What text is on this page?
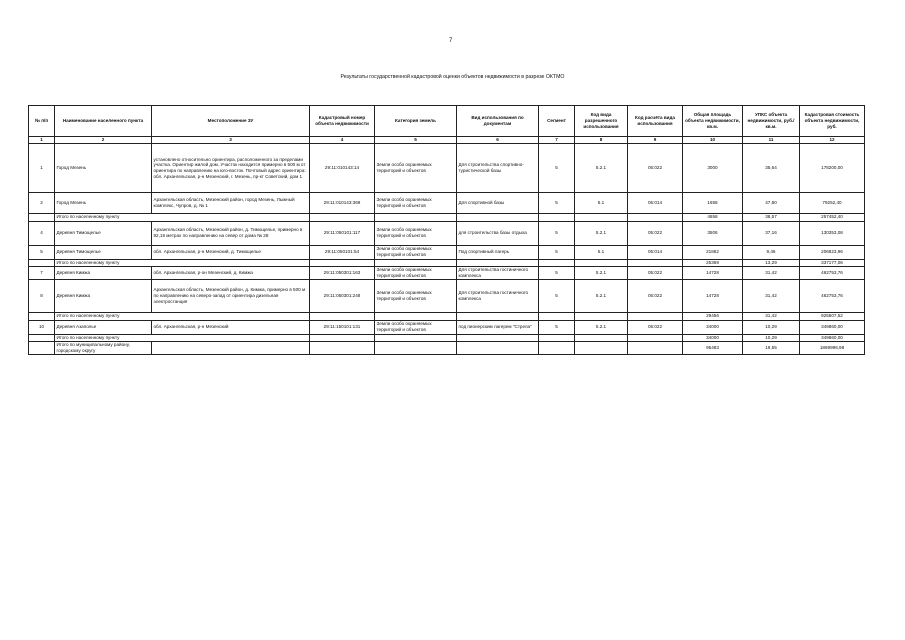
7
Результаты государственной кадастровой оценки объектов недвижимости в разрезе ОКТМО
№ п/п	Наименование населенного пункта	Местоположение ЗУ	Кадастровый номер объекта недвижимости	Категория земель	Вид использования по документам	Сегмент	Код вида разрешенного использования	Код расчёта вида использования	Общая площадь объекта недвижимости, кв.м.	УПКС объекта недвижимости, руб./кв.м.	Кадастровая стоимость объекта недвижимости, руб.
1	2	3	4	5	6	7	8	9	10	11	12
1	Город Мезень	установлено относительно ориентира, расположенного за пределами участка. Ориентир жилой дом. Участок находится примерно в 500 м от ориентира по направлению на юго-восток. Почтовый адрес ориентира: обл. Архангельская, р-н Мезенский, г. Мезень, пр-кт Советский, дом 1	29:11:010143:14	Земли особо охраняемых территорий и объектов	Для строительства спортивно-туристической базы	5	5.2.1	05:022	3000	35,64	178200,00
2	Город Мезень	Архангельская область, Мезенский район, город Мезень, Лыжный комплекс, Чупров, д. № 1	29:11:010143:369	Земли особо охраняемых территорий и объектов	Для спортивной базы	5	5.1	05:014	1658	47,80	79252,40
	Итого по населенному пункту								4658	38,57	257452,40
4	Деревня Тимощелье	Архангельская область, Мезенский район, д. Тимощелье, примерно в 92,15 метрах по направлению на север от дома № 28	29:11:050101:117	Земли особо охраняемых территорий и объектов	для строительства базы отдыха	5	5.2.1	05:022	3506	37,16	130353,08
5	Деревня Тимощелье	обл. Архангельская, р-н Мезенский, д. Тимощелье	29:11:050101:54	Земли особо охраняемых территорий и объектов	Под спортивный лагерь	5	5.1	05:014	21862	9,46	206823,96
	Итого по населенному пункту								25369	13,29	337177,06
7	Деревня Кимжа	обл. Архангельская, р-он Мезенский, д. Кимжа	29:11:050301:163	Земли особо охраняемых территорий и объектов	Для строительства гостиничного комплекса	5	5.2.1	05:022	14728	31,42	462753,76
8	Деревня Кимжа	Архангельская область, Мезенский район, д. Кимжа, примерно в 500 м по направлению на северо-запад от ориентира дизельная электростанция	29:11:050301:248	Земли особо охраняемых территорий и объектов	Для строительства гостиничного комплекса	5	5.2.1	05:022	14728	31,42	462753,76
	Итого по населенному пункту								29456	31,42	925507,52
10	Деревня Азаполье	обл. Архангельская, р-н Мезенский	29:11:150101:131	Земли особо охраняемых территорий и объектов	под пионерским лагерем "Стрела"	5	5.2.1	05:022	34000	10,29	349860,00
	Итого по населенному пункту								34000	10,29	349860,00
	Итого по муниципальному району, городскому округу								95483	19,55	1869996,98
